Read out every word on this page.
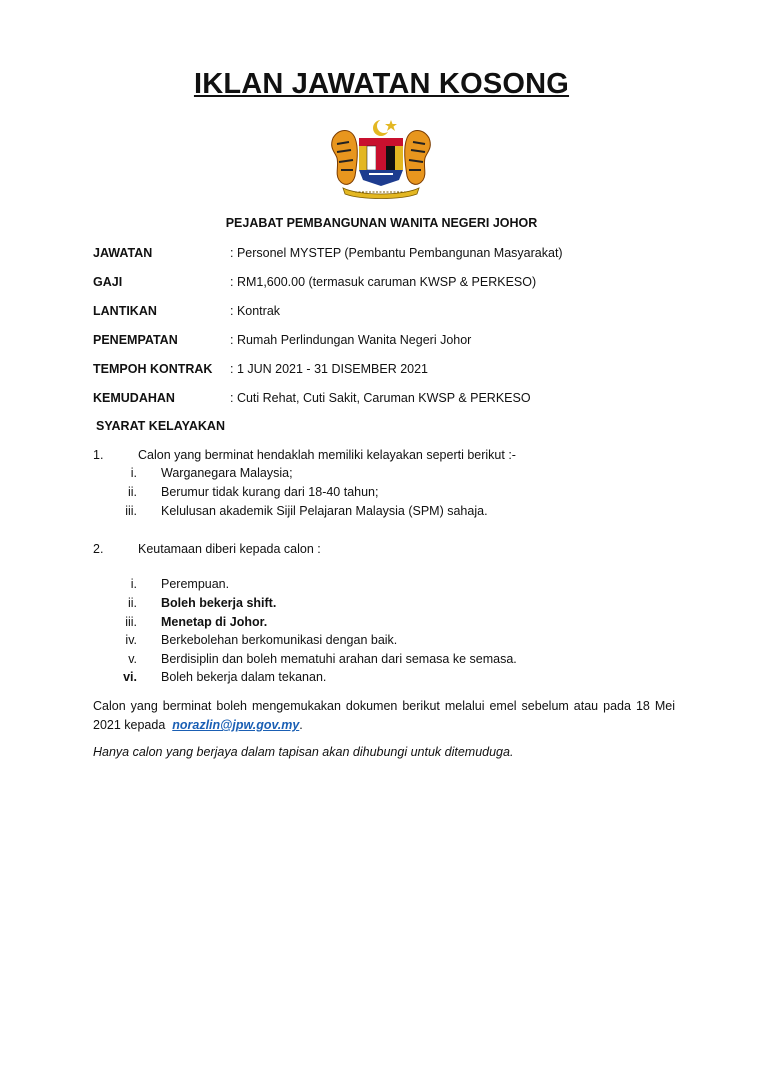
IKLAN JAWATAN KOSONG
PEJABAT PEMBANGUNAN WANITA NEGERI JOHOR
JAWATAN	: Personel MYSTEP (Pembantu Pembangunan Masyarakat)
GAJI	: RM1,600.00 (termasuk caruman KWSP & PERKESO)
LANTIKAN	: Kontrak
PENEMPATAN	: Rumah Perlindungan Wanita Negeri Johor
TEMPOH KONTRAK : 1 JUN 2021 - 31 DISEMBER 2021
KEMUDAHAN	: Cuti Rehat, Cuti Sakit, Caruman KWSP & PERKESO
SYARAT KELAYAKAN
1.	Calon yang berminat hendaklah memiliki kelayakan seperti berikut :-
i. Warganegara Malaysia;
ii. Berumur tidak kurang dari 18-40 tahun;
iii. Kelulusan akademik Sijil Pelajaran Malaysia (SPM) sahaja.
2.	Keutamaan diberi kepada calon :
i. Perempuan.
ii. Boleh bekerja shift.
iii. Menetap di Johor.
iv. Berkebolehan berkomunikasi dengan baik.
v. Berdisiplin dan boleh mematuhi arahan dari semasa ke semasa.
vi. Boleh bekerja dalam tekanan.
Calon yang berminat boleh mengemukakan dokumen berikut melalui emel sebelum atau pada 18 Mei 2021 kepada norazlin@jpw.gov.my.
Hanya calon yang berjaya dalam tapisan akan dihubungi untuk ditemuduga.
